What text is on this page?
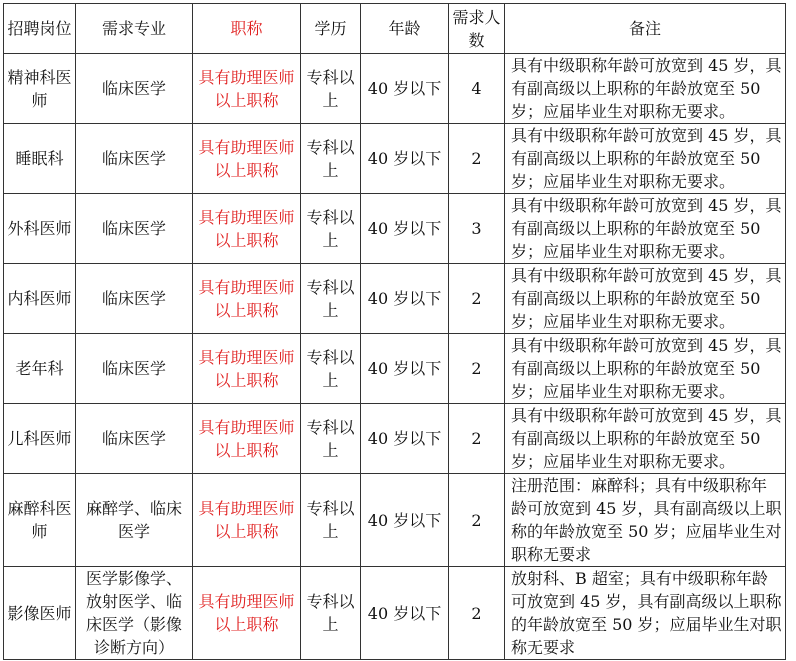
招聘岗位	需求专业	职称	学历	年龄	需求人数	备注
精神科医师	临床医学	具有助理医师以上职称	专科以上	40 岁以下	4	具有中级职称年龄可放宽到 45 岁，具有副高级以上职称的年龄放宽至 50 岁；应届毕业生对职称无要求。
睡眠科	临床医学	具有助理医师以上职称	专科以上	40 岁以下	2	具有中级职称年龄可放宽到 45 岁，具有副高级以上职称的年龄放宽至 50 岁；应届毕业生对职称无要求。
外科医师	临床医学	具有助理医师以上职称	专科以上	40 岁以下	3	具有中级职称年龄可放宽到 45 岁，具有副高级以上职称的年龄放宽至 50 岁；应届毕业生对职称无要求。
内科医师	临床医学	具有助理医师以上职称	专科以上	40 岁以下	2	具有中级职称年龄可放宽到 45 岁，具有副高级以上职称的年龄放宽至 50 岁；应届毕业生对职称无要求。
老年科	临床医学	具有助理医师以上职称	专科以上	40 岁以下	2	具有中级职称年龄可放宽到 45 岁，具有副高级以上职称的年龄放宽至 50 岁；应届毕业生对职称无要求。
儿科医师	临床医学	具有助理医师以上职称	专科以上	40 岁以下	2	具有中级职称年龄可放宽到 45 岁，具有副高级以上职称的年龄放宽至 50 岁；应届毕业生对职称无要求。
麻醉科医师	麻醉学、临床医学	具有助理医师以上职称	专科以上	40 岁以下	2	注册范围：麻醉科；具有中级职称年龄可放宽到 45 岁，具有副高级以上职称的年龄放宽至 50 岁；应届毕业生对职称无要求
影像医师	医学影像学、放射医学、临床医学（影像诊断方向）	具有助理医师以上职称	专科以上	40 岁以下	2	放射科、B 超室；具有中级职称年龄可放宽到 45 岁，具有副高级以上职称的年龄放宽至 50 岁；应届毕业生对职称无要求
